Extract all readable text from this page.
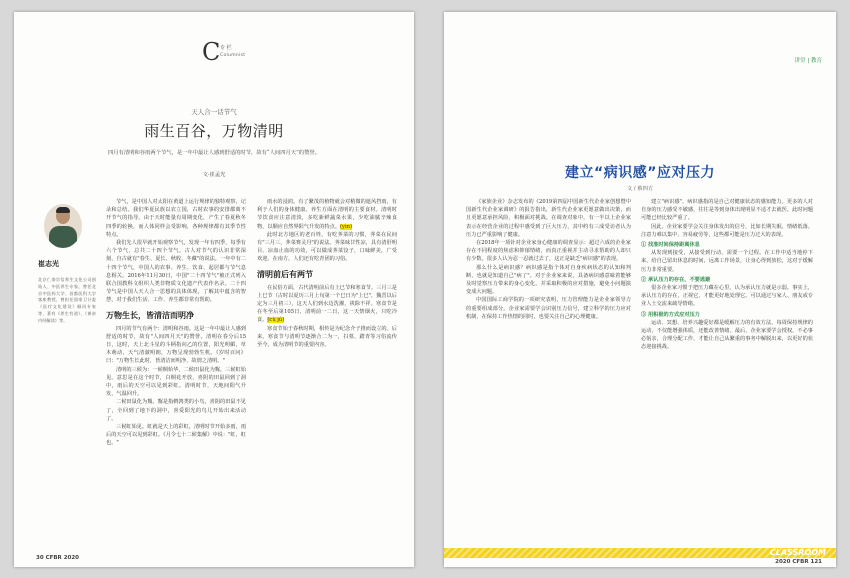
C 专 栏
Columnist
天人合一话节气
雨生百谷，万物清明
四月有清明和谷雨两个节气，是一年中最让人感到舒适的时节，故有“人间四月天”的赞誉。
文·崔孟光
崔志光
北京仁泰宗信养生文化公司创始人、中医养生专家，曾任北京中医药大学、首都医科大学客座教授，曾担任国家卫计委《医疗文化建设》顾问专家等，著有《养生有道》、《黄帝内经解读》等。

节气，是中国人对太阳在黄道上运行规律的独特观察，记录和总结。我们华夏民族以农立国，古时农事的安排都离不开节气的指导。由于天时能量有周期变化，产生了春夏秋冬四季的轮换，而人体同样会受影响，各种规律都有其季节性特点。

我们先人很早就开始观察节气，发现一年有四季，每季有六个节气，总共二十四个节气。古人对节气的认识非常深刻，自古就有"春生、夏长、秋收、冬藏"的说法。一年中有二十四个节气，中国人的农事、养生、饮食、起居都与节气息息相关。2016年11月30日，中国"二十四节气"被正式列入联合国教科文组织人类非物质文化遗产代表作名录。二十四节气是中国人天人合一思想的具体体现，了解其中蕴含的智慧，对于我们生活、工作、养生都非常有帮助。

万物生长，皆清洁而明净

四月的节气有两个：清明和谷雨。这是一年中最让人感到舒适的时节，故有"人间四月天"的赞誉。清明在春分后15日，这时，天上北斗星的斗柄指向乙的位置，阳光明媚，草木萌动，天气清澈明朗，万物呈现勃勃生机。《岁时百问》曰："万物生长此时，皆清洁而明净，故谓之清明。"

清明的三候为：一候桐始华，二候田鼠化为鴽，三候虹始见。意思是在这个时节，白桐花开放，喜阴的田鼠回到了洞中，雨后的天空可以见到彩虹。清明时节，天地间阳气升发，气温回升。

二候田鼠化为鴽。鴽是指鹌鹑类的小鸟，喜阴的田鼠不见了，全回到了地下的洞中，喜爱阳光的鸟儿开始出来活动了。

三候虹始见。虹就是天上的彩虹，清明时节开始多雨，雨后的天空可以见到彩虹。《月令七十二候集解》中说："虹，虹也。"

雨水的浸润。有了繁茂的植物就会对稍微的遮风挡雨，有利于人们的身体健康。养生方面在清明的主要食材。清明时节饮食应注意清淡，多吃新鲜蔬菜水果，少吃油腻辛辣食物，以顺应自然界阳气升发的特点。(yìn)

此时北方地区的老百姓，有吃荠菜的习惯，荠菜在民间有"三月三，荠菜赛灵丹"的说法。荠菜味甘性凉，具有清肝明目、凉血止血的功效，可以做成荠菜饺子，口味鲜美，广受欢迎。在南方，人们还有吃青团的习俗。

清明前后有两节

在民俗方面，古代清明前后有上巳节和寒食节。三月三是上巳节（古时以夏历三月上旬第一个巳日为"上巳"，魏晋以后定为三月初三），这天人们到水边洗濯，祓除不祥。寒食节是在冬至后第105日，清明前一二日，这一天禁烟火，只吃冷食。(cù jú)

寒食节始于春秋时期，相传是为纪念介子推而设立的。后来，寒食节与清明节逐渐合二为一，扫墓、踏青等习俗流传至今，成为清明节的重要内容。

30 CFBR 2020
讲堂 | 教育
建立“病识感”应对压力
文 / 蔡四方

《家族企业》杂志发布的《2019第四届中国新生代企业家创想暨中国新生代企业家调研》的报告指出，新生代企业家更愿意做出决策，而且更愿意承担风险，积极面对挑战。在调查对象中，有一半以上企业家表示在经营企业的过程中感受到了巨大压力，其中约有三成受访者认为压力已严重影响了健康。

在2018年一项针对企业家身心健康的调查显示：超过六成的企业家存在不同程度的焦虑和抑郁情绪，而真正重视并主动寻求帮助的人却只有少数。很多人认为忍一忍就过去了，这正是缺乏"病识感"的表现。

那么什么是病识感？病识感是指个体对自身疾病状态的认知和判断，也就是知道自己"病了"。对于企业家来说，具备病识感意味着能够及时觉察压力带来的身心变化，并采取积极的应对措施，避免小问题演变成大问题。

中国国际工商学院的一项研究表明，压力管理能力是企业家领导力的重要组成部分。企业家需要学会识别压力信号，建立科学的压力应对机制，在保持工作热情的同时，也要关注自己的心理健康。

建立"病识感"，病识感指的是自己对健康状态的感知能力。更多的人对自身的压力感受不敏感，往往是等到身体出现明显不适才去就医，此时问题可能已经比较严重了。

因此，企业家要学会关注身体发出的信号，比如长期失眠、情绪低落、注意力难以集中、容易疲劳等，这些都可能是压力过大的表现。

① 找准时间保持距离休息

从发现到接受，从接受到行动，需要一个过程。在工作中适当地停下来，给自己留出休息的时间，远离工作场景，让身心得到放松，这对于缓解压力非常重要。

② 承认压力的存在，不要逃避

很多企业家习惯于把压力藏在心里，认为承认压力就是示弱。事实上，承认压力的存在，正视它，才能更好地处理它。可以通过与家人、朋友或专业人士交流来疏导情绪。

③ 用积极的方式应对压力

运动、冥想、培养兴趣爱好都是缓解压力的有效方法。每周保持规律的运动，不仅能增强体质，还能改善情绪。最后，企业家要学会授权，不必事必躬亲，合理分配工作，才能让自己从繁重的事务中解脱出来，以更好的状态迎接挑战。

CLASSROOM
2020 CFBR 121
